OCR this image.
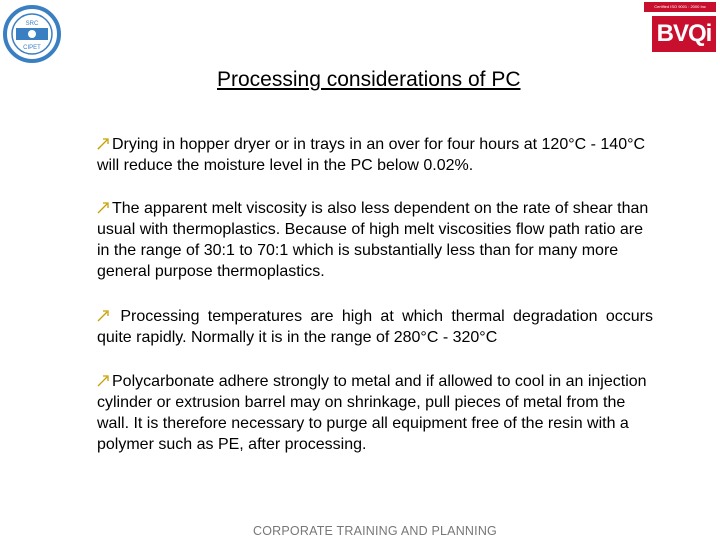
SRC
CIPET
Certified ISO 9001 : 2000 Inc
BVQi
Processing considerations of PC
Drying in hopper dryer or in trays in an over for four hours at 120°C - 140°C will reduce the moisture level in the PC below 0.02%.
The apparent melt viscosity is also less dependent on the rate of shear than usual with thermoplastics. Because of high melt viscosities flow path ratio are in the range of 30:1 to 70:1 which is substantially less than for many more general purpose thermoplastics.
Processing temperatures are high at which thermal degradation occurs quite rapidly. Normally it is in the range of 280°C - 320°C
Polycarbonate adhere strongly to metal and if allowed to cool in an injection cylinder or extrusion barrel may on shrinkage, pull pieces of metal from the wall. It is therefore necessary to purge all equipment free of the resin with a polymer such as PE, after processing.
CORPORATE TRAINING AND PLANNING
